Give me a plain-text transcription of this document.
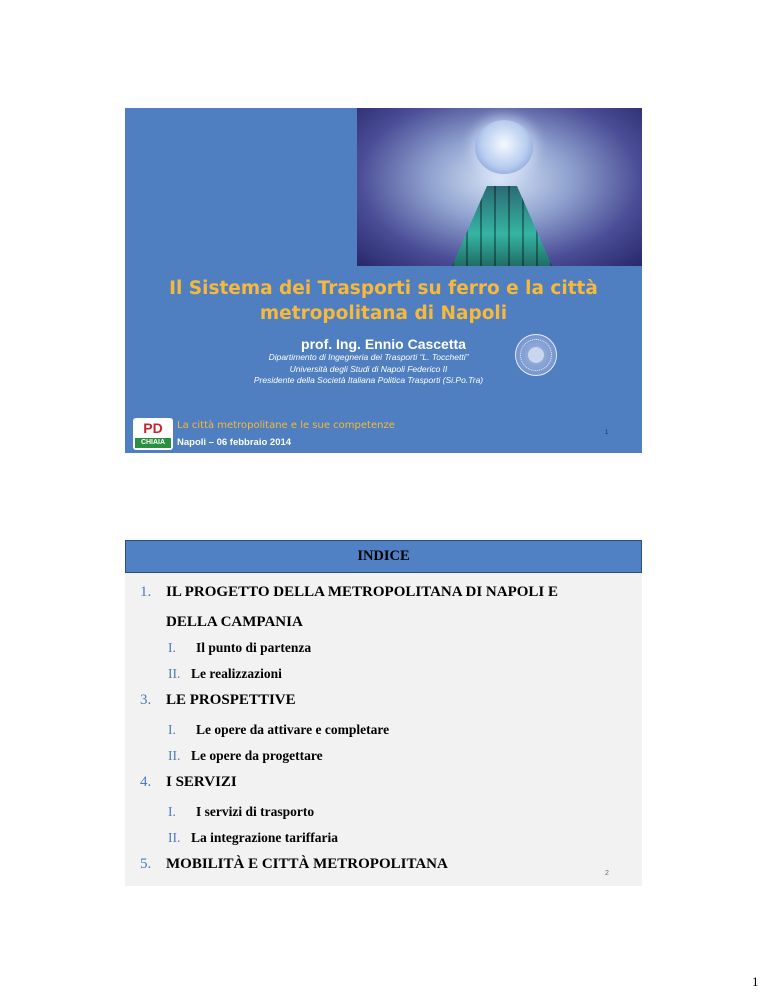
Il Sistema dei Trasporti su ferro e la città
metropolitana di Napoli
prof. Ing. Ennio Cascetta
Dipartimento di Ingegneria dei Trasporti “L. Tocchetti”
Università degli Studi di Napoli Federico II
Presidente della Società Italiana Politica Trasporti (Si.Po.Tra)
PD
CHIAIA
La città metropolitane e le sue competenze
Napoli – 06 febbraio 2014
1
INDICE
1. IL PROGETTO DELLA METROPOLITANA DI NAPOLI E
DELLA CAMPANIA
I. Il punto di partenza
II. Le realizzazioni
3. LE PROSPETTIVE
I. Le opere da attivare e completare
II. Le opere da progettare
4. I SERVIZI
I. I servizi di trasporto
II. La integrazione tariffaria
5. MOBILITÀ E CITTÀ METROPOLITANA
2
1
